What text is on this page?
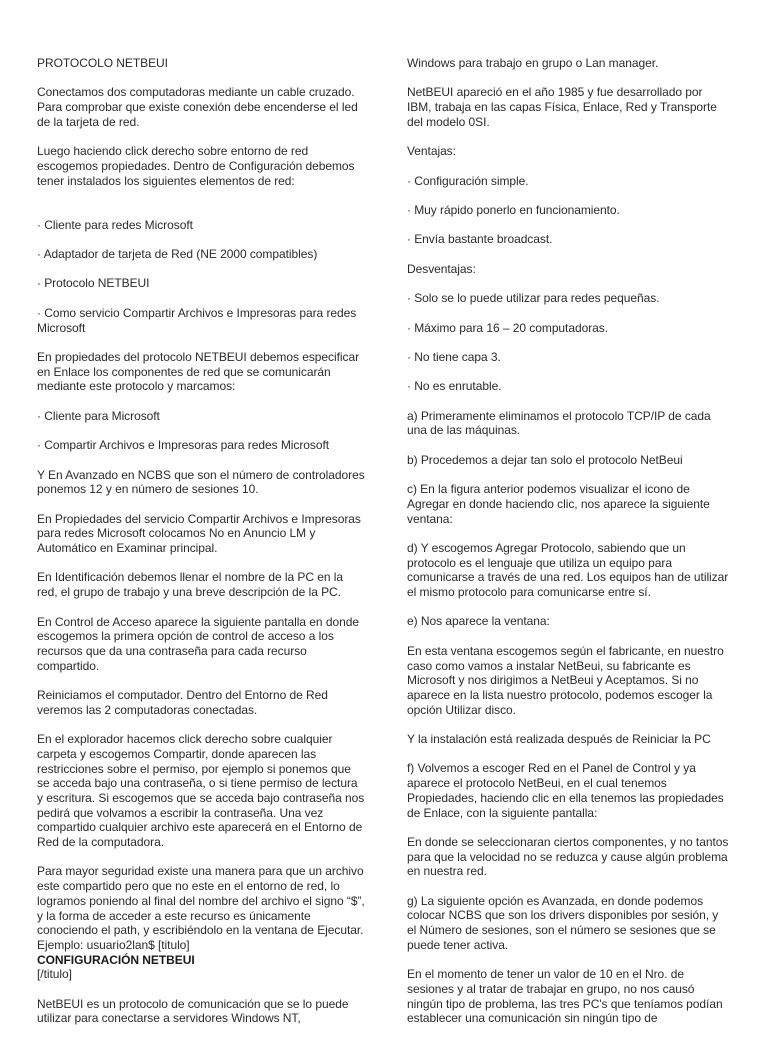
PROTOCOLO NETBEUI

Conectamos dos computadoras mediante un cable cruzado. Para comprobar que existe conexión debe encenderse el led de la tarjeta de red.

Luego haciendo click derecho sobre entorno de red escogemos propiedades. Dentro de Configuración debemos tener instalados los siguientes elementos de red:

· Cliente para redes Microsoft

· Adaptador de tarjeta de Red (NE 2000 compatibles)

· Protocolo NETBEUI

· Como servicio Compartir Archivos e Impresoras para redes Microsoft

En propiedades del protocolo NETBEUI debemos especificar en Enlace los componentes de red que se comunicarán mediante este protocolo y marcamos:

· Cliente para Microsoft

· Compartir Archivos e Impresoras para redes Microsoft

Y En Avanzado en NCBS que son el número de controladores ponemos 12 y en número de sesiones 10.

En Propiedades del servicio Compartir Archivos e Impresoras para redes Microsoft colocamos No en Anuncio LM y Automático en Examinar principal.

En Identificación debemos llenar el nombre de la PC en la red, el grupo de trabajo y una breve descripción de la PC.

En Control de Acceso aparece la siguiente pantalla en donde escogemos la primera opción de control de acceso a los recursos que da una contraseña para cada recurso compartido.

Reiniciamos el computador. Dentro del Entorno de Red veremos las 2 computadoras conectadas.

En el explorador hacemos click derecho sobre cualquier carpeta y escogemos Compartir, donde aparecen las restricciones sobre el permiso, por ejemplo si ponemos que se acceda bajo una contraseña, o si tiene permiso de lectura y escritura. Si escogemos que se acceda bajo contraseña nos pedirá que volvamos a escribir la contraseña. Una vez compartido cualquier archivo este aparecerá en el Entorno de Red de la computadora.

Para mayor seguridad existe una manera para que un archivo este compartido pero que no este en el entorno de red, lo logramos poniendo al final del nombre del archivo el signo “$”, y la forma de acceder a este recurso es únicamente conociendo el path, y escribiéndolo en la ventana de Ejecutar. Ejemplo: usuario2lan$ [titulo]

CONFIGURACIÓN NETBEUI

[/titulo]

NetBEUI es un protocolo de comunicación que se lo puede utilizar para conectarse a servidores Windows NT,

Windows para trabajo en grupo o Lan manager.

NetBEUI apareció en el año 1985 y fue desarrollado por IBM, trabaja en las capas Física, Enlace, Red y Transporte del modelo 0SI.

Ventajas:

· Configuración simple.

· Muy rápido ponerlo en funcionamiento.

· Envía bastante broadcast.

Desventajas:

· Solo se lo puede utilizar para redes pequeñas.

· Máximo para 16 – 20 computadoras.

· No tiene capa 3.

· No es enrutable.

a) Primeramente eliminamos el protocolo TCP/IP de cada una de las máquinas.

b) Procedemos a dejar tan solo el protocolo NetBeui

c) En la figura anterior podemos visualizar el icono de Agregar en donde haciendo clic, nos aparece la siguiente ventana:

d) Y escogemos Agregar Protocolo, sabiendo que un protocolo es el lenguaje que utiliza un equipo para comunicarse a través de una red. Los equipos han de utilizar el mismo protocolo para comunicarse entre sí.

e) Nos aparece la ventana:

En esta ventana escogemos según el fabricante, en nuestro caso como vamos a instalar NetBeui, su fabricante es Microsoft y nos dirigimos a NetBeui y Aceptamos. Si no aparece en la lista nuestro protocolo, podemos escoger la opción Utilizar disco.

Y la instalación está realizada después de Reiniciar la PC

f) Volvemos a escoger Red en el Panel de Control y ya aparece el protocolo NetBeui, en el cual tenemos Propiedades, haciendo clic en ella tenemos las propiedades de Enlace, con la siguiente pantalla:

En donde se seleccionaran ciertos componentes, y no tantos para que la velocidad no se reduzca y cause algún problema en nuestra red.

g) La siguiente opción es Avanzada, en donde podemos colocar NCBS que son los drivers disponibles por sesión, y el Número de sesiones, son el número se sesiones que se puede tener activa.

En el momento de tener un valor de 10 en el Nro. de sesiones y al tratar de trabajar en grupo, no nos causó ningún tipo de problema, las tres PC's que teníamos podían establecer una comunicación sin ningún tipo de
